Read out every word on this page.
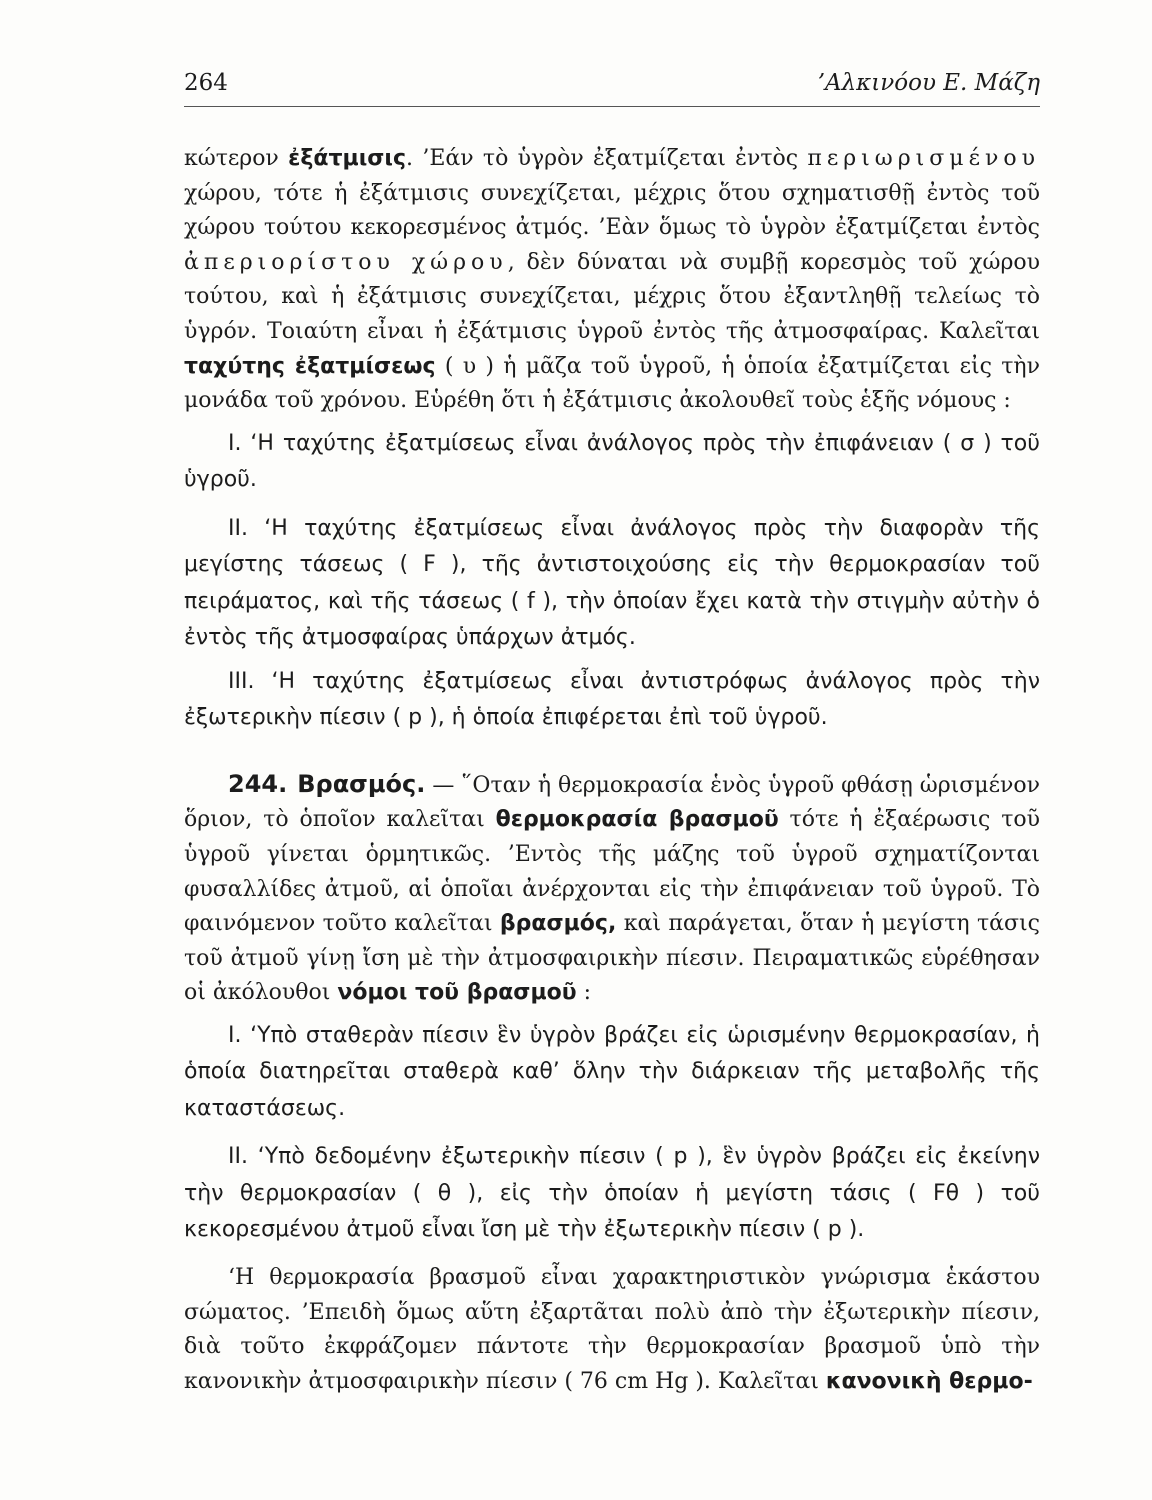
264	’Αλκινόου Ε. Μάζη

κώτερον ἐξάτμισις. ’Εάν τὸ ὑγρὸν ἐξατμίζεται ἐντὸς περιωρισμένου χώρου, τότε ἡ ἐξάτμισις συνεχίζεται, μέχρις ὅτου σχηματισθῇ ἐντὸς τοῦ χώρου τούτου κεκορεσμένος ἀτμός. ’Εὰν ὅμως τὸ ὑγρὸν ἐξατμίζεται ἐντὸς ἀπεριορίστου χώρου, δὲν δύναται νὰ συμβῇ κορεσμὸς τοῦ χώρου τούτου, καὶ ἡ ἐξάτμισις συνεχίζεται, μέχρις ὅτου ἐξαντληθῇ τελείως τὸ ὑγρόν. Τοιαύτη εἶναι ἡ ἐξάτμισις ὑγροῦ ἐντὸς τῆς ἀτμοσφαίρας. Καλεῖται ταχύτης ἐξατμίσεως ( υ ) ἡ μᾶζα τοῦ ὑγροῦ, ἡ ὁποία ἐξατμίζεται εἰς τὴν μονάδα τοῦ χρόνου. Εὑρέθη ὅτι ἡ ἐξάτμισις ἀκολουθεῖ τοὺς ἑξῆς νόμους :

I. ‘Η ταχύτης ἐξατμίσεως εἶναι ἀνάλογος πρὸς τὴν ἐπιφάνειαν ( σ ) τοῦ ὑγροῦ.

II. ‘Η ταχύτης ἐξατμίσεως εἶναι ἀνάλογος πρὸς τὴν διαφορὰν τῆς μεγίστης τάσεως ( F ), τῆς ἀντιστοιχούσης εἰς τὴν θερμοκρασίαν τοῦ πειράματος, καὶ τῆς τάσεως ( f ), τὴν ὁποίαν ἔχει κατὰ τὴν στιγμὴν αὐτὴν ὁ ἐντὸς τῆς ἀτμοσφαίρας ὑπάρχων ἀτμός.

III. ‘Η ταχύτης ἐξατμίσεως εἶναι ἀντιστρόφως ἀνάλογος πρὸς τὴν ἐξωτερικὴν πίεσιν ( p ), ἡ ὁποία ἐπιφέρεται ἐπὶ τοῦ ὑγροῦ.

244. Βρασμός. — ῞Οταν ἡ θερμοκρασία ἑνὸς ὑγροῦ φθάσῃ ὡρισμένον ὅριον, τὸ ὁποῖον καλεῖται θερμοκρασία βρασμοῦ τότε ἡ ἐξαέρωσις τοῦ ὑγροῦ γίνεται ὁρμητικῶς. ’Εντὸς τῆς μάζης τοῦ ὑγροῦ σχηματίζονται φυσαλλίδες ἀτμοῦ, αἱ ὁποῖαι ἀνέρχονται εἰς τὴν ἐπιφάνειαν τοῦ ὑγροῦ. Τὸ φαινόμενον τοῦτο καλεῖται βρασμός, καὶ παράγεται, ὅταν ἡ μεγίστη τάσις τοῦ ἀτμοῦ γίνῃ ἴση μὲ τὴν ἀτμοσφαιρικὴν πίεσιν. Πειραματικῶς εὑρέθησαν οἱ ἀκόλουθοι νόμοι τοῦ βρασμοῦ :

I. ‘Υπὸ σταθερὰν πίεσιν ἓν ὑγρὸν βράζει εἰς ὡρισμένην θερμοκρασίαν, ἡ ὁποία διατηρεῖται σταθερὰ καθ’ ὅλην τὴν διάρκειαν τῆς μεταβολῆς τῆς καταστάσεως.

II. ‘Υπὸ δεδομένην ἐξωτερικὴν πίεσιν ( p ), ἓν ὑγρὸν βράζει εἰς ἐκείνην τὴν θερμοκρασίαν ( θ ), εἰς τὴν ὁποίαν ἡ μεγίστη τάσις ( Fθ ) τοῦ κεκορεσμένου ἀτμοῦ εἶναι ἴση μὲ τὴν ἐξωτερικὴν πίεσιν ( p ).

‘Η θερμοκρασία βρασμοῦ εἶναι χαρακτηριστικὸν γνώρισμα ἑκάστου σώματος. ’Επειδὴ ὅμως αὕτη ἐξαρτᾶται πολὺ ἀπὸ τὴν ἐξωτερικὴν πίεσιν, διὰ τοῦτο ἐκφράζομεν πάντοτε τὴν θερμοκρασίαν βρασμοῦ ὑπὸ τὴν κανονικὴν ἀτμοσφαιρικὴν πίεσιν ( 76 cm Hg ). Καλεῖται κανονικὴ θερμο-
